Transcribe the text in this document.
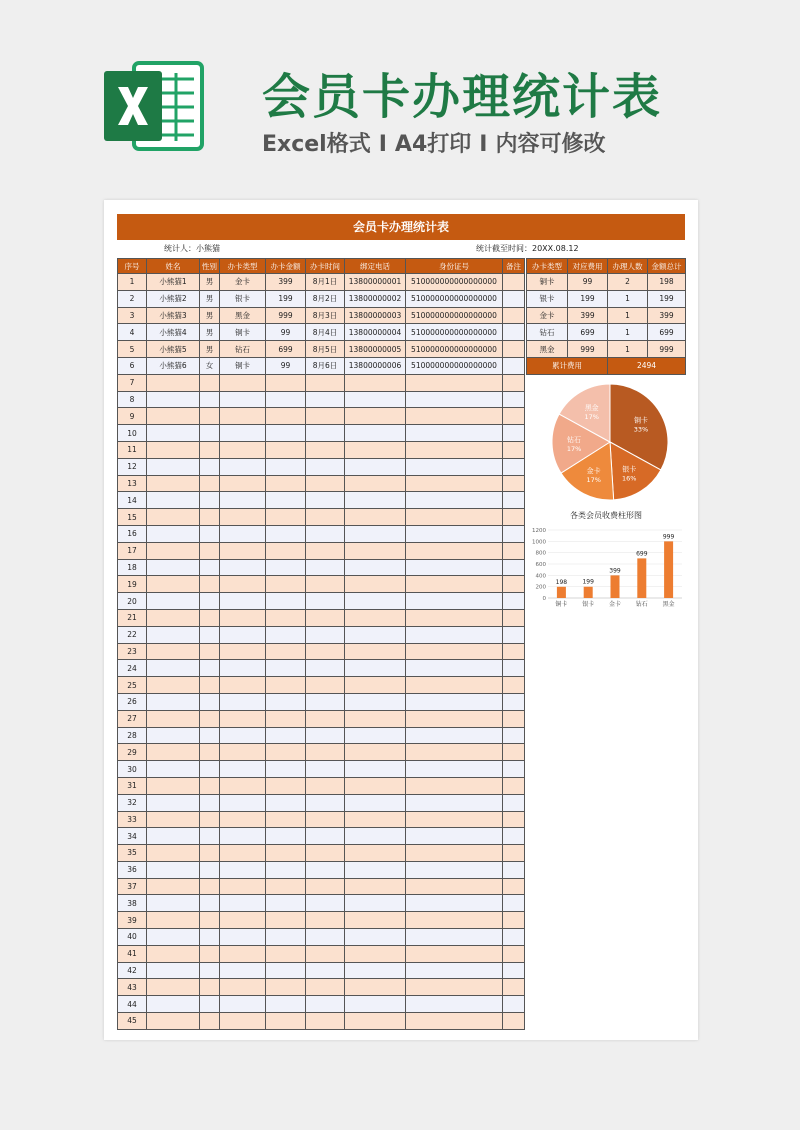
会员卡办理统计表
Excel格式 I A4打印 I 内容可修改
会员卡办理统计表
统计人：小熊猫	统计截至时间：20XX.08.12
序号	姓名	性别	办卡类型	办卡金额	办卡时间	绑定电话	身份证号	备注
1	小熊猫1	男	金卡	399	8月1日	13800000001	510000000000000000	
2	小熊猫2	男	银卡	199	8月2日	13800000002	510000000000000000	
3	小熊猫3	男	黑金	999	8月3日	13800000003	510000000000000000	
4	小熊猫4	男	铜卡	99	8月4日	13800000004	510000000000000000	
5	小熊猫5	男	钻石	699	8月5日	13800000005	510000000000000000	
6	小熊猫6	女	铜卡	99	8月6日	13800000006	510000000000000000	
7								
8								
9								
10								
11								
12								
13								
14								
15								
16								
17								
18								
19								
20								
21								
22								
23								
24								
25								
26								
27								
28								
29								
30								
31								
32								
33								
34								
35								
36								
37								
38								
39								
40								
41								
42								
43								
44								
45								
办卡类型	对应费用	办理人数	金额总计
铜卡	99	2	198
银卡	199	1	199
金卡	399	1	399
钻石	699	1	699
黑金	999	1	999
累计费用		2494	
铜卡
33%
银卡
16%
金卡
17%
钻石
17%
黑金
17%
各类会员收费柱形图
0
200
400
600
800
1000
1200
198
铜卡
199
银卡
399
金卡
699
钻石
999
黑金
